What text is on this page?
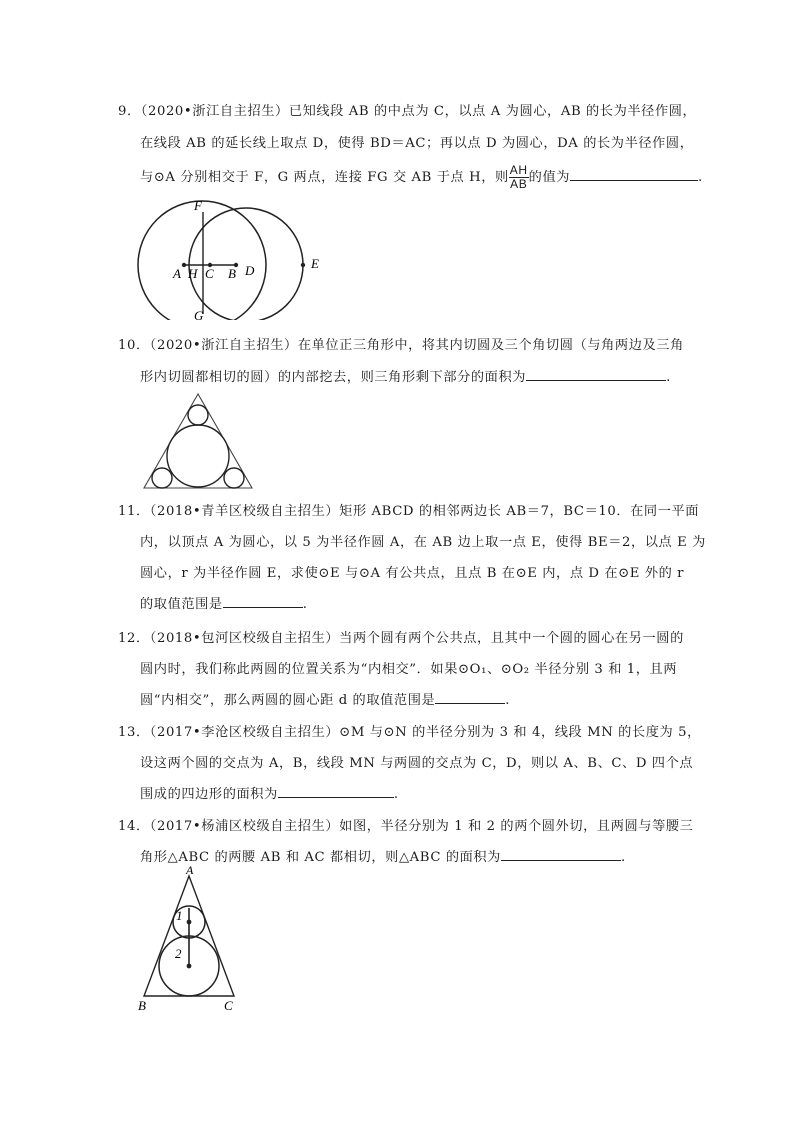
9．（2020•浙江自主招生）已知线段 AB 的中点为 C，以点 A 为圆心，AB 的长为半径作圆，
在线段 AB 的延长线上取点 D，使得 BD＝AC；再以点 D 为圆心，DA 的长为半径作圆，
与⊙A 分别相交于 F，G 两点，连接 FG 交 AB 于点 H，则 $\frac{AH}{AB}$ 的值为	.
F
G
A H C B D	E
10．（2020•浙江自主招生）在单位正三角形中，将其内切圆及三个角切圆（与角两边及三角
形内切圆都相切的圆）的内部挖去，则三角形剩下部分的面积为	.
11．（2018•青羊区校级自主招生）矩形 ABCD 的相邻两边长 AB＝7，BC＝10．在同一平面
内，以顶点 A 为圆心，以 5 为半径作圆 A，在 AB 边上取一点 E，使得 BE＝2，以点 E 为
圆心，r 为半径作圆 E，求使⊙E 与⊙A 有公共点，且点 B 在⊙E 内，点 D 在⊙E 外的 r
的取值范围是	.
12．（2018•包河区校级自主招生）当两个圆有两个公共点，且其中一个圆的圆心在另一圆的
圆内时，我们称此两圆的位置关系为“内相交”．如果⊙O₁、⊙O₂ 半径分别 3 和 1，且两
圆“内相交”，那么两圆的圆心距 d 的取值范围是	.
13．（2017•李沧区校级自主招生）⊙M 与⊙N 的半径分别为 3 和 4，线段 MN 的长度为 5，
设这两个圆的交点为 A，B，线段 MN 与两圆的交点为 C，D，则以 A、B、C、D 四个点
围成的四边形的面积为	.
14．（2017•杨浦区校级自主招生）如图，半径分别为 1 和 2 的两个圆外切，且两圆与等腰三
角形△ABC 的两腰 AB 和 AC 都相切，则△ABC 的面积为	.
A
B	C
1
2
